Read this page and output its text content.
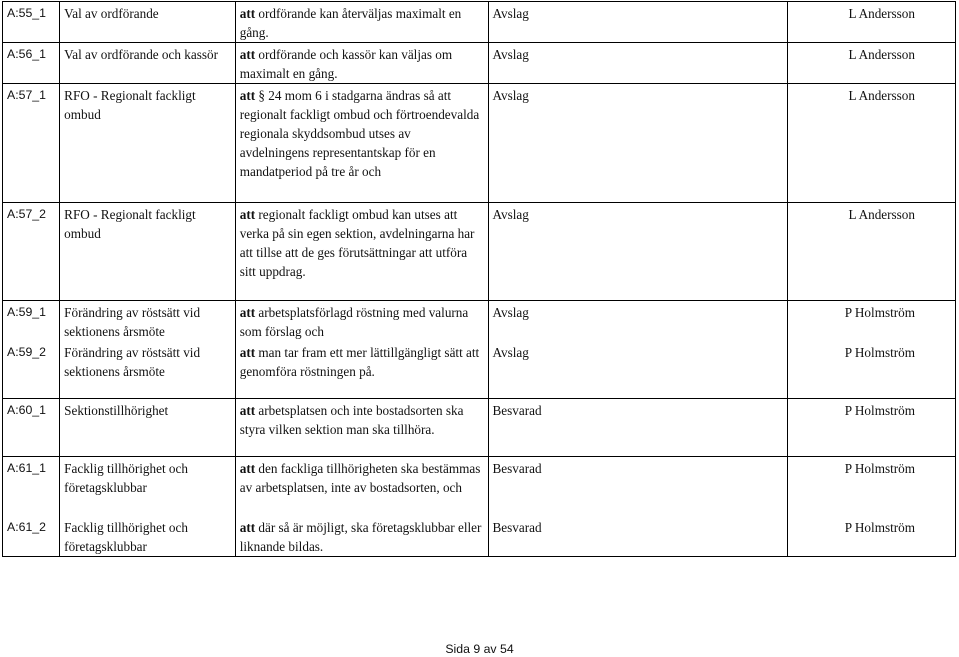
A:55_1	Val av ordförande	att ordförande kan återväljas maximalt en gång.	Avslag	L Andersson
A:56_1	Val av ordförande och kassör	att ordförande och kassör kan väljas om maximalt en gång.	Avslag	L Andersson
A:57_1	RFO - Regionalt fackligt ombud	att § 24 mom 6 i stadgarna ändras så att regionalt fackligt ombud och förtroendevalda regionala skyddsombud utses av avdelningens representantskap för en mandatperiod på tre år och	Avslag	L Andersson
A:57_2	RFO - Regionalt fackligt ombud	att regionalt fackligt ombud kan utses att verka på sin egen sektion, avdelningarna har att tillse att de ges förutsättningar att utföra sitt uppdrag.	Avslag	L Andersson
A:59_1	Förändring av röstsätt vid sektionens årsmöte	att arbetsplatsförlagd röstning med valurna som förslag och	Avslag	P Holmström
A:59_2	Förändring av röstsätt vid sektionens årsmöte	att man tar fram ett mer lättillgängligt sätt att genomföra röstningen på.	Avslag	P Holmström
A:60_1	Sektionstillhörighet	att arbetsplatsen och inte bostadsorten ska styra vilken sektion man ska tillhöra.	Besvarad	P Holmström
A:61_1	Facklig tillhörighet och företagsklubbar	att den fackliga tillhörigheten ska bestämmas av arbetsplatsen, inte av bostadsorten, och	Besvarad	P Holmström
A:61_2	Facklig tillhörighet och företagsklubbar	att där så är möjligt, ska företagsklubbar eller liknande bildas.	Besvarad	P Holmström
Sida 9 av 54
